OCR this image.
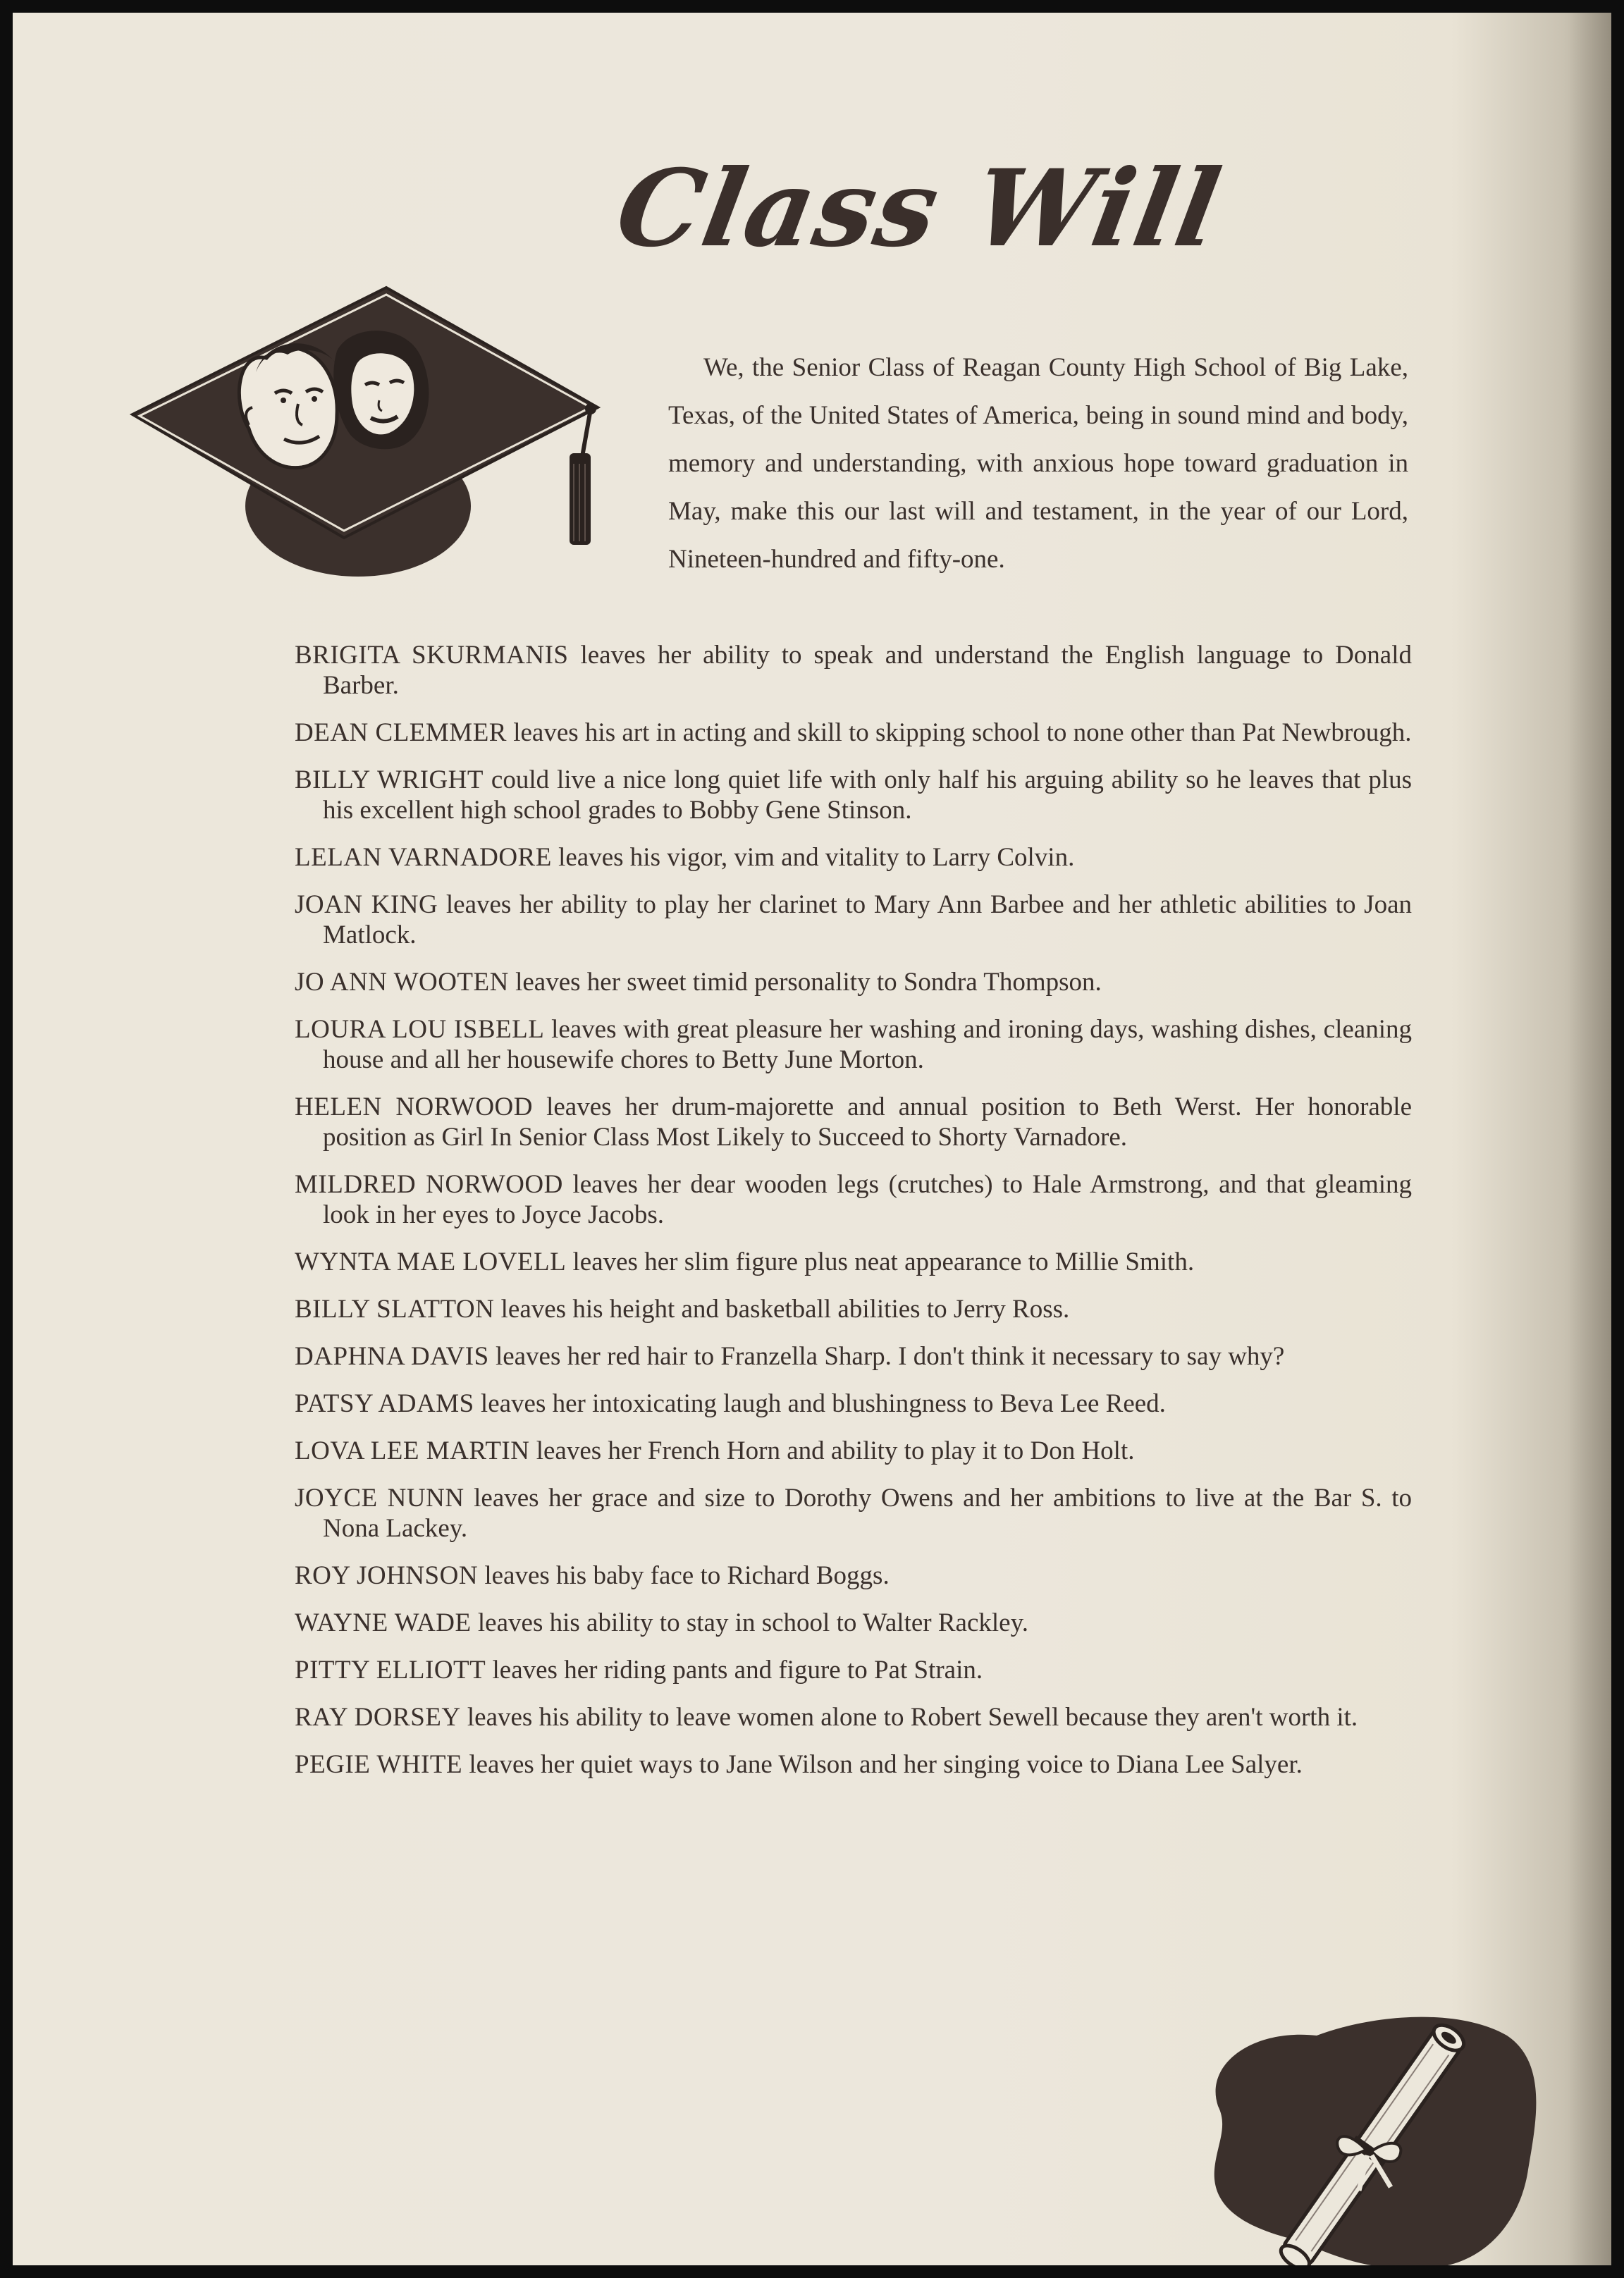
Class Will

We, the Senior Class of Reagan County High School of Big Lake, Texas, of the United States of America, being in sound mind and body, memory and understanding, with anxious hope toward graduation in May, make this our last will and testament, in the year of our Lord, Nineteen-hundred and fifty-one.

BRIGITA SKURMANIS leaves her ability to speak and understand the English language to Donald Barber.
DEAN CLEMMER leaves his art in acting and skill to skipping school to none other than Pat Newbrough.
BILLY WRIGHT could live a nice long quiet life with only half his arguing ability so he leaves that plus his excellent high school grades to Bobby Gene Stinson.
LELAN VARNADORE leaves his vigor, vim and vitality to Larry Colvin.
JOAN KING leaves her ability to play her clarinet to Mary Ann Barbee and her athletic abilities to Joan Matlock.
JO ANN WOOTEN leaves her sweet timid personality to Sondra Thompson.
LOURA LOU ISBELL leaves with great pleasure her washing and ironing days, washing dishes, cleaning house and all her housewife chores to Betty June Morton.
HELEN NORWOOD leaves her drum-majorette and annual position to Beth Werst. Her honorable position as Girl In Senior Class Most Likely to Succeed to Shorty Varnadore.
MILDRED NORWOOD leaves her dear wooden legs (crutches) to Hale Armstrong, and that gleaming look in her eyes to Joyce Jacobs.
WYNTA MAE LOVELL leaves her slim figure plus neat appearance to Millie Smith.
BILLY SLATTON leaves his height and basketball abilities to Jerry Ross.
DAPHNA DAVIS leaves her red hair to Franzella Sharp. I don't think it necessary to say why?
PATSY ADAMS leaves her intoxicating laugh and blushingness to Beva Lee Reed.
LOVA LEE MARTIN leaves her French Horn and ability to play it to Don Holt.
JOYCE NUNN leaves her grace and size to Dorothy Owens and her ambitions to live at the Bar S. to Nona Lackey.
ROY JOHNSON leaves his baby face to Richard Boggs.
WAYNE WADE leaves his ability to stay in school to Walter Rackley.
PITTY ELLIOTT leaves her riding pants and figure to Pat Strain.
RAY DORSEY leaves his ability to leave women alone to Robert Sewell because they aren't worth it.
PEGIE WHITE leaves her quiet ways to Jane Wilson and her singing voice to Diana Lee Salyer.
